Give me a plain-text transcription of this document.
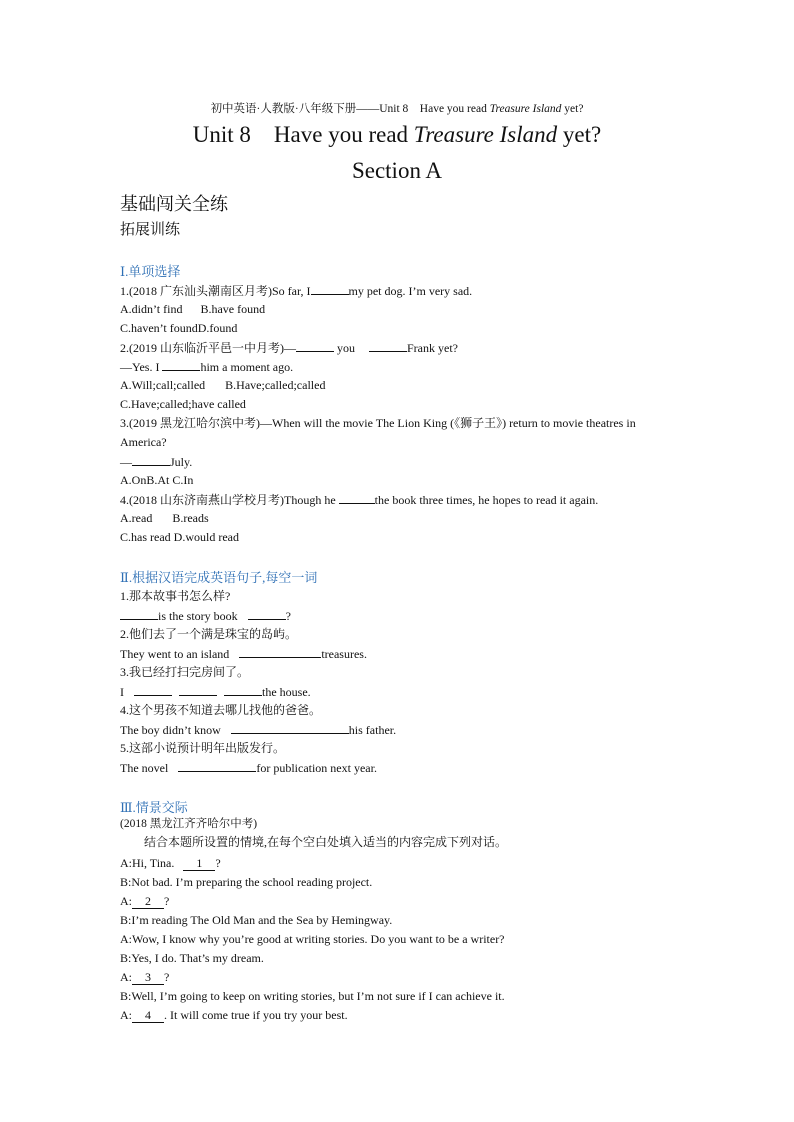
初中英语·人教版·八年级下册——Unit 8    Have you read Treasure Island yet?
Unit 8    Have you read Treasure Island yet?
Section A
基础闯关全练
拓展训练
Ⅰ.单项选择
1.(2018 广东汕头潮南区月考)So far, I	my pet dog. I’m very sad.
A.didn’t find B.have found
C.haven’t foundD.found
2.(2019 山东临沂平邑一中月考)—	you	Frank yet?
—Yes. I	him a moment ago.
A.Will;call;called B.Have;called;called
C.Have;called;have called
3.(2019 黑龙江哈尔滨中考)—When will the movie The Lion King (《狮子王》) return to movie theatres in
America?
—	July.
A.OnB.At C.In
4.(2018 山东济南燕山学校月考)Though he	the book three times, he hopes to read it again.
A.read B.reads
C.has read D.would read
Ⅱ.根据汉语完成英语句子,每空一词
1.那本故事书怎么样?
is the story book	?
2.他们去了一个满是珠宝的岛屿。
They went to an island	treasures.
3.我已经打扫完房间了。
I	the house.
4.这个男孩不知道去哪儿找他的爸爸。
The boy didn’t know	his father.
5.这部小说预计明年出版发行。
The novel	for publication next year.
Ⅲ.情景交际
(2018 黑龙江齐齐哈尔中考)
结合本题所设置的情境,在每个空白处填入适当的内容完成下列对话。
A:Hi, Tina. 1 ?
B:Not bad. I’m preparing the school reading project.
A: 2 ?
B:I’m reading The Old Man and the Sea by Hemingway.
A:Wow, I know why you’re good at writing stories. Do you want to be a writer?
B:Yes, I do. That’s my dream.
A: 3 ?
B:Well, I’m going to keep on writing stories, but I’m not sure if I can achieve it.
A: 4 . It will come true if you try your best.
